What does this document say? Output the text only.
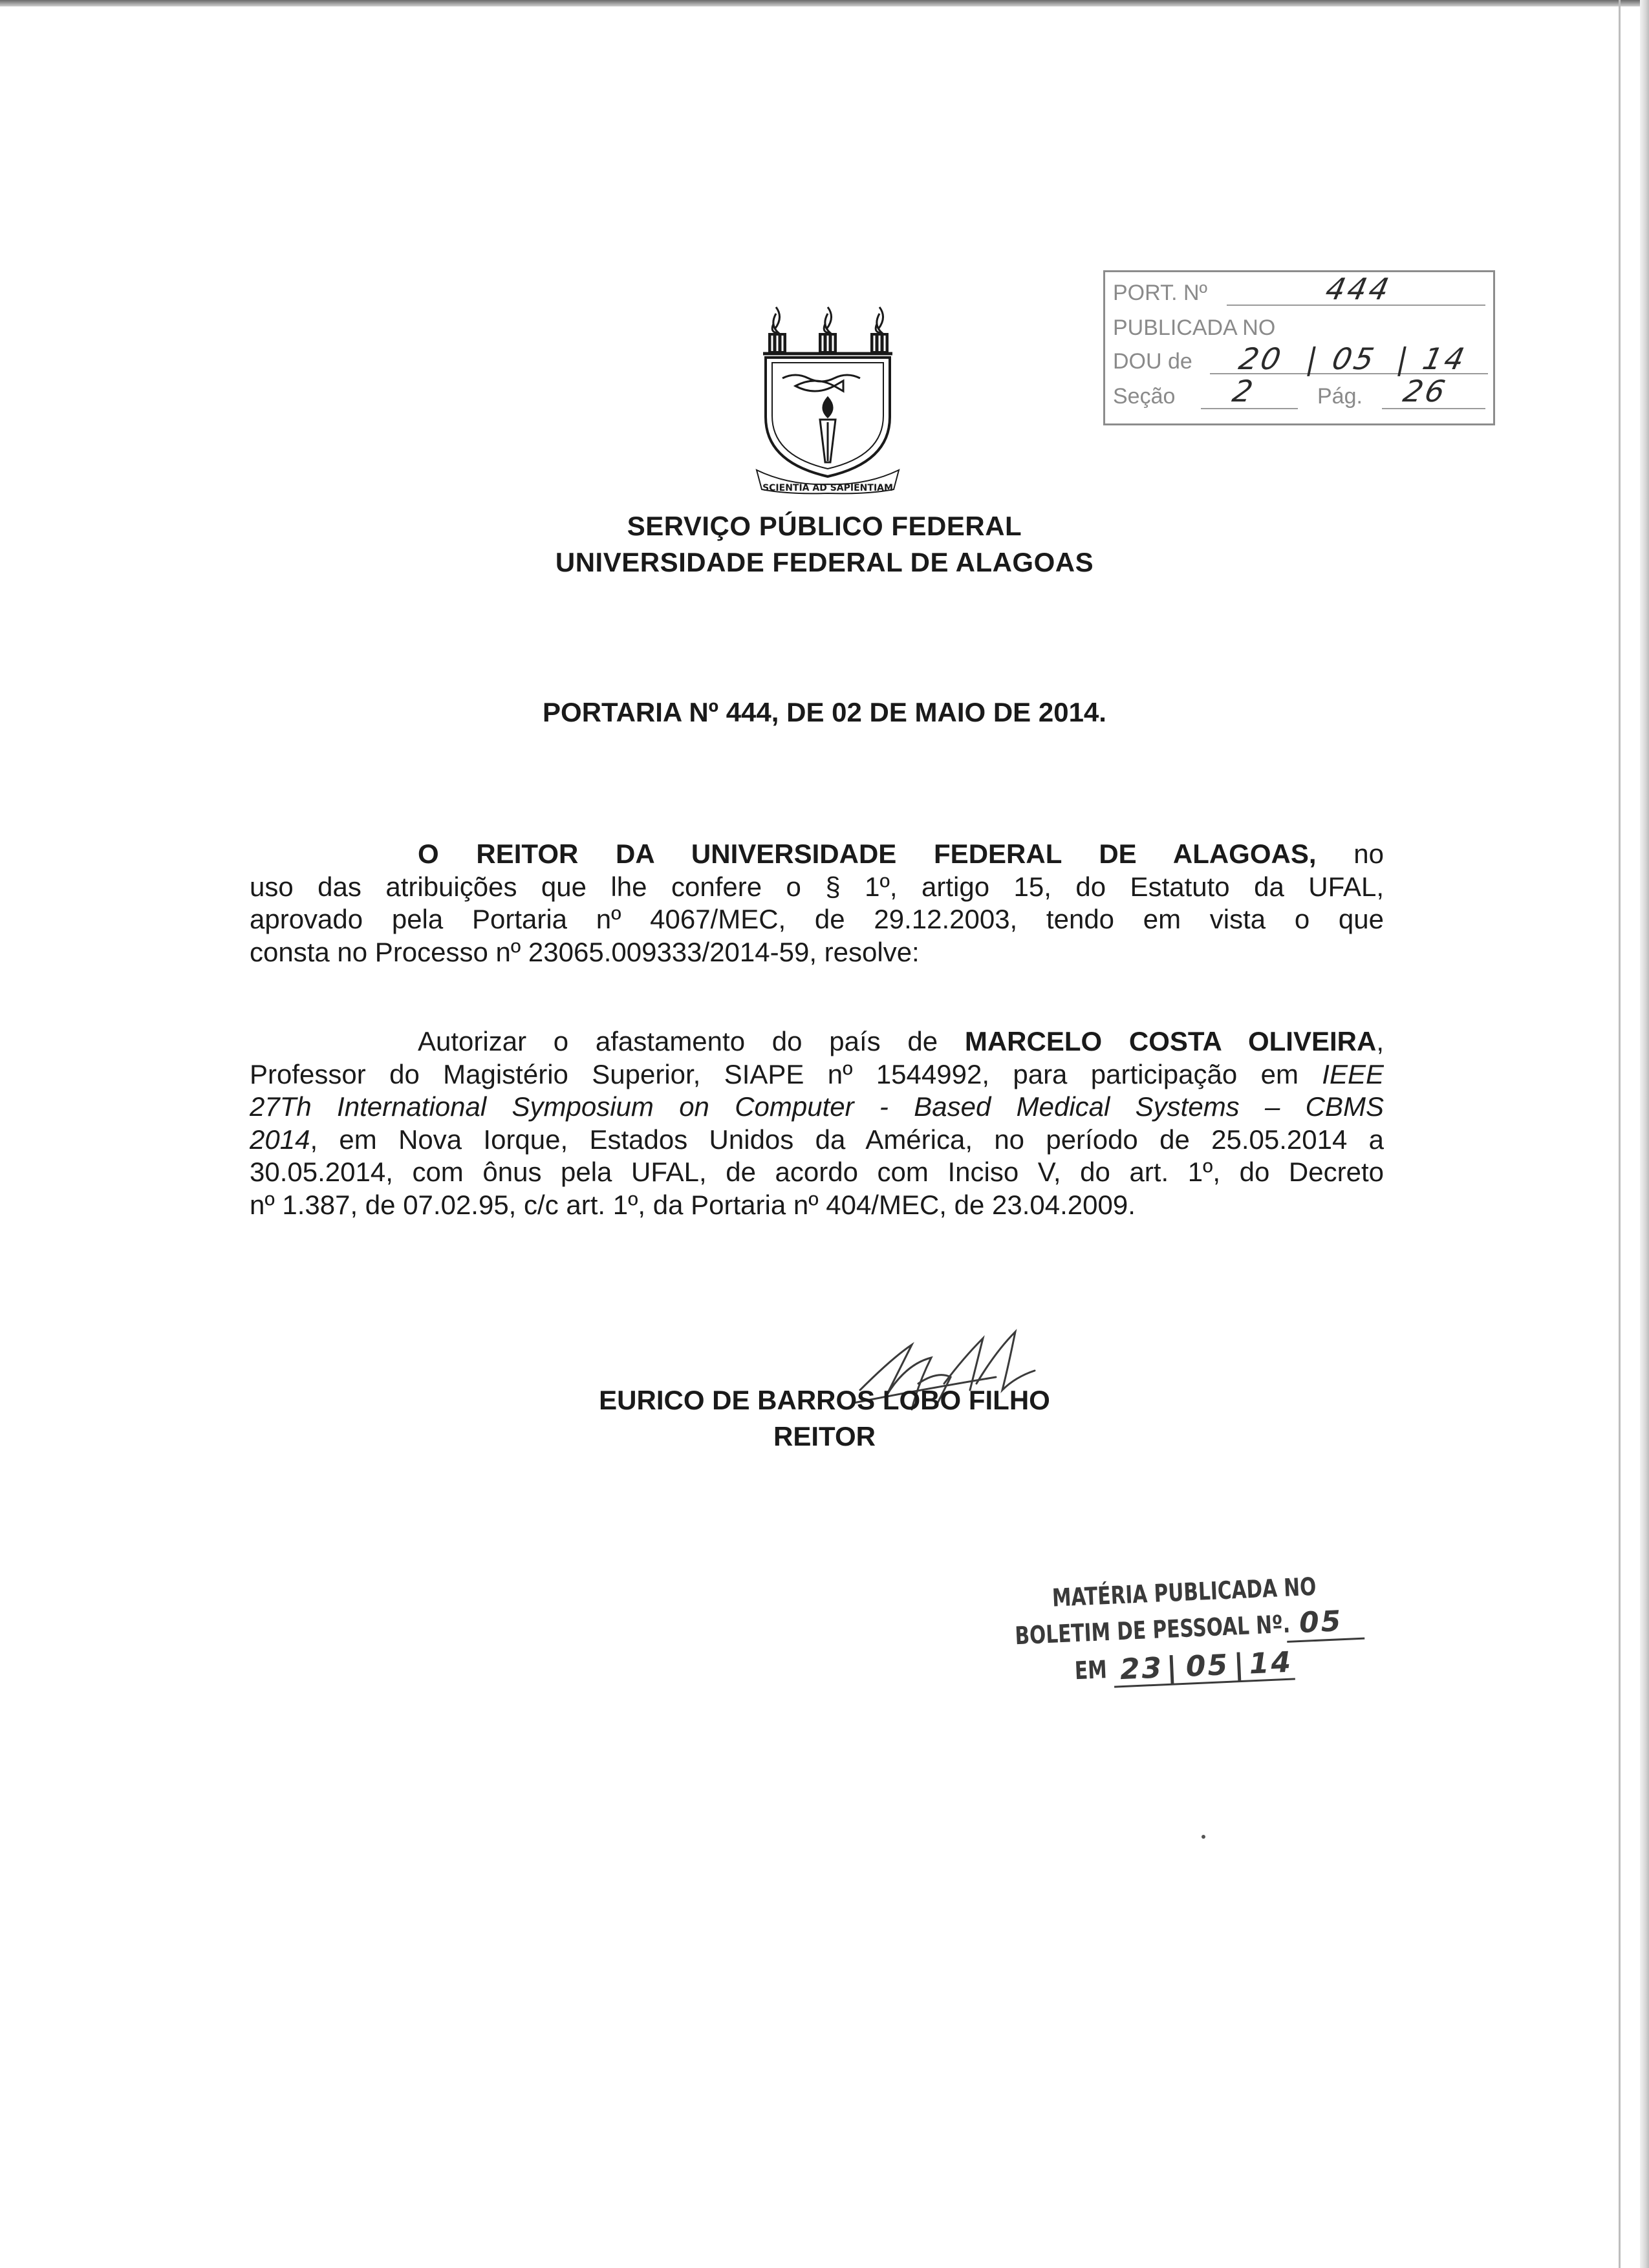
PORT. Nº	444
PUBLICADA NO
DOU de 20 | 05 | 14
Seção 2	Pág. 26
SCIENTIA AD SAPIENTIAM
SERVIÇO PÚBLICO FEDERAL
UNIVERSIDADE FEDERAL DE ALAGOAS
PORTARIA Nº 444, DE 02 DE MAIO DE 2014.
O REITOR DA UNIVERSIDADE FEDERAL DE ALAGOAS, no
uso das atribuições que lhe confere o § 1º, artigo 15, do Estatuto da UFAL,
aprovado pela Portaria nº 4067/MEC, de 29.12.2003, tendo em vista o que
consta no Processo nº 23065.009333/2014-59, resolve:
Autorizar o afastamento do país de MARCELO COSTA OLIVEIRA,
Professor do Magistério Superior, SIAPE nº 1544992, para participação em IEEE
27Th International Symposium on Computer - Based Medical Systems – CBMS
2014, em Nova Iorque, Estados Unidos da América, no período de 25.05.2014 a
30.05.2014, com ônus pela UFAL, de acordo com Inciso V, do art. 1º, do Decreto
nº 1.387, de 07.02.95, c/c art. 1º, da Portaria nº 404/MEC, de 23.04.2009.
EURICO DE BARROS LOBO FILHO
REITOR
MATÉRIA PUBLICADA NO
BOLETIM DE PESSOAL Nº. 05
EM 23 | 05 | 14
